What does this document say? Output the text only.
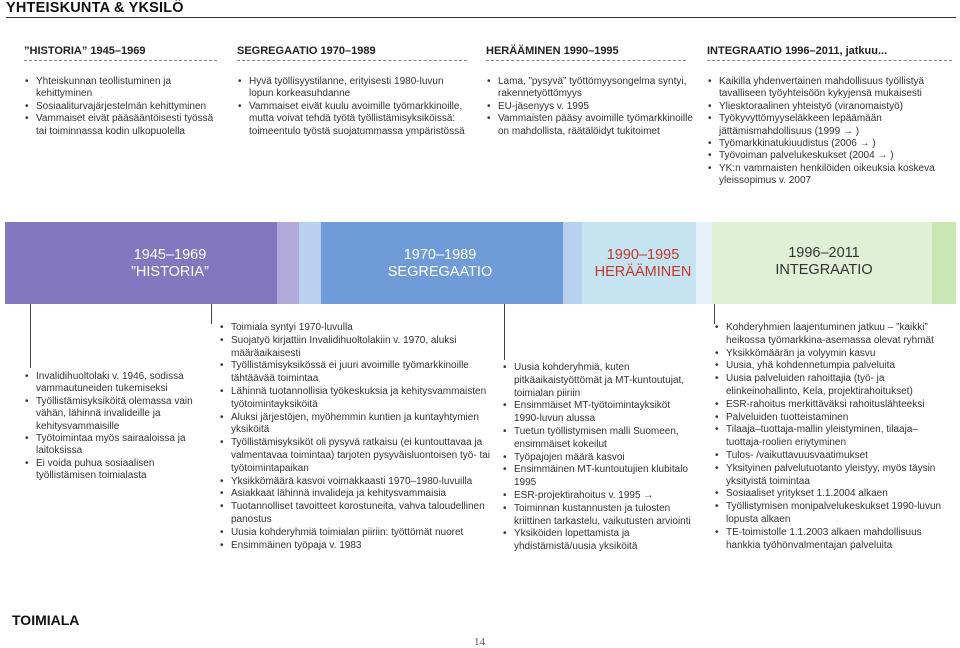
YHTEISKUNTA & YKSILÖ
”HISTORIA” 1945–1969	SEGREGAATIO 1970–1989	HERÄÄMINEN 1990–1995	INTEGRAATIO 1996–2011, jatkuu...
• Yhteiskunnan teollistuminen ja kehittyminen
• Sosiaaliturvajärjestelmän kehittyminen
• Vammaiset eivät pääsääntöisesti työssä tai toiminnassa kodin ulkopuolella
• Hyvä työllisyystilanne, erityisesti 1980-luvun lopun korkeasuhdanne
• Vammaiset eivät kuulu avoimille työmarkkinoille, mutta voivat tehdä työtä työllistämisyksiköissä: toimeentulo työstä suojatummassa ympäristössä
• Lama, ”pysyvä” työttömyysongelma syntyi, rakennetyöttömyys
• EU-jäsenyys v. 1995
• Vammaisten pääsy avoimille työmarkkinoille on mahdollista, räätälöidyt tukitoimet
• Kaikilla yhdenvertainen mahdollisuus työllistyä tavalliseen työyhteisöön kykyjensä mukaisesti
• Yliesktoraalinen yhteistyö (viranomaistyö)
• Työkyvyttömyyseläkkeen lepäämään jättämismahdollisuus (1999 → )
• Työmarkkinatukiuudistus (2006 → )
• Työvoiman palvelukeskukset (2004 → )
• YK:n vammaisten henkilöiden oikeuksia koskeva yleissopimus v. 2007
1945–1969
”HISTORIA”
1970–1989
SEGREGAATIO
1990–1995
HERÄÄMINEN
1996–2011
INTEGRAATIO
• Invalidihuoltolaki v. 1946, sodissa vammautuneiden tukemiseksi
• Työllistämisyksiköitä olemassa vain vähän, lähinnä invalideille ja kehitysvammaisille
• Työtoimintaa myös sairaaloissa ja laitoksissa
• Ei voida puhua sosiaalisen työllistämisen toimialasta
• Toimiala syntyi 1970-luvulla
• Suojatyö kirjattiin Invalidihuoltolakiin v. 1970, aluksi määräaikaisesti
• Työllistämisyksikössä ei juuri avoimille työmarkkinoille tähtäävää toimintaa
• Lähinnä tuotannollisia työkeskuksia ja kehitysvammaisten työtoimintayksiköitä
• Aluksi järjestöjen, myöhemmin kuntien ja kuntayhtymien yksiköitä
• Työllistämisyksiköt oli pysyvä ratkaisu (ei kuntouttavaa ja valmentavaa toimintaa) tarjoten pysyväisluontoisen työ- tai työtoimintapaikan
• Yksikkömäärä kasvoi voimakkaasti 1970–1980-luvuilla
• Asiakkaat lähinnä invalideja ja kehitysvammaisia
• Tuotannolliset tavoitteet korostuneita, vahva taloudellinen panostus
• Uusia kohderyhmiä toimialan piiriin: työttömät nuoret
• Ensimmäinen työpaja v. 1983
• Uusia kohderyhmiä, kuten pitkäaikaistyöttömät ja MT-kuntoutujat, toimialan piiriin
• Ensimmäiset MT-työtoimintayksiköt 1990-luvun alussa
• Tuetun työllistymisen malli Suomeen, ensimmäiset kokeilut
• Työpajojen määrä kasvoi
• Ensimmäinen MT-kuntoutujien klubitalo 1995
• ESR-projektirahoitus v. 1995 →
• Toiminnan kustannusten ja tulosten kriittinen tarkastelu, vaikutusten arviointi
• Yksiköiden lopettamista ja yhdistämistä/uusia yksiköitä
• Kohderyhmien laajentuminen jatkuu – ”kaikki” heikossa työmarkkina-asemassa olevat ryhmät
• Yksikkömäärän ja volyymin kasvu
• Uusia, yhä kohdennetumpia palveluita
• Uusia palveluiden rahoittajia (työ- ja elinkeinohallinto, Kela, projektirahoitukset)
• ESR-rahoitus merkittäväksi rahoituslähteeksi
• Palveluiden tuotteistaminen
• Tilaaja–tuottaja-mallin yleistyminen, tilaaja–tuottaja-roolien eriytyminen
• Tulos- /vaikuttavuusvaatimukset
• Yksityinen palvelutuotanto yleistyy, myös täysin yksityistä toimintaa
• Sosiaaliset yritykset 1.1.2004 alkaen
• Työllistymisen monipalvelukeskukset 1990-luvun lopusta alkaen
• TE-toimistolle 1.1.2003 alkaen mahdollisuus hankkia työhönvalmentajan palveluita
TOIMIALA
14
